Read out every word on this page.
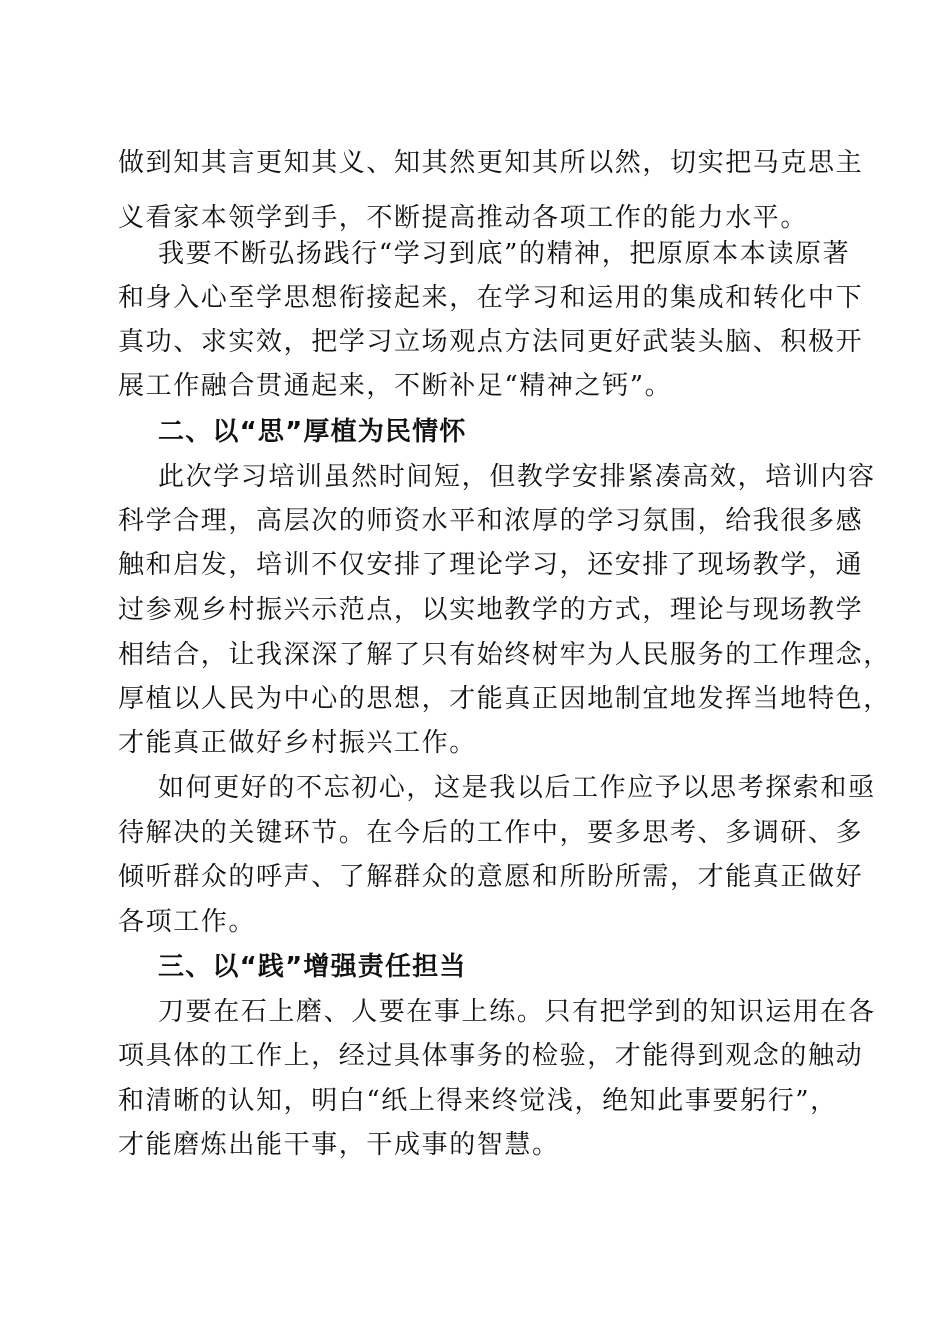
做到知其言更知其义、知其然更知其所以然，切实把马克思主
义看家本领学到手，不断提高推动各项工作的能力水平。
我要不断弘扬践行“学习到底”的精神，把原原本本读原著
和身入心至学思想衔接起来，在学习和运用的集成和转化中下
真功、求实效，把学习立场观点方法同更好武装头脑、积极开
展工作融合贯通起来，不断补足“精神之钙”。
二、以“思”厚植为民情怀
此次学习培训虽然时间短，但教学安排紧凑高效，培训内容
科学合理，高层次的师资水平和浓厚的学习氛围，给我很多感
触和启发，培训不仅安排了理论学习，还安排了现场教学，通
过参观乡村振兴示范点，以实地教学的方式，理论与现场教学
相结合，让我深深了解了只有始终树牢为人民服务的工作理念，
厚植以人民为中心的思想，才能真正因地制宜地发挥当地特色，
才能真正做好乡村振兴工作。
如何更好的不忘初心，这是我以后工作应予以思考探索和亟
待解决的关键环节。在今后的工作中，要多思考、多调研、多
倾听群众的呼声、了解群众的意愿和所盼所需，才能真正做好
各项工作。
三、以“践”增强责任担当
刀要在石上磨、人要在事上练。只有把学到的知识运用在各
项具体的工作上，经过具体事务的检验，才能得到观念的触动
和清晰的认知，明白“纸上得来终觉浅，绝知此事要躬行”，
才能磨炼出能干事，干成事的智慧。
